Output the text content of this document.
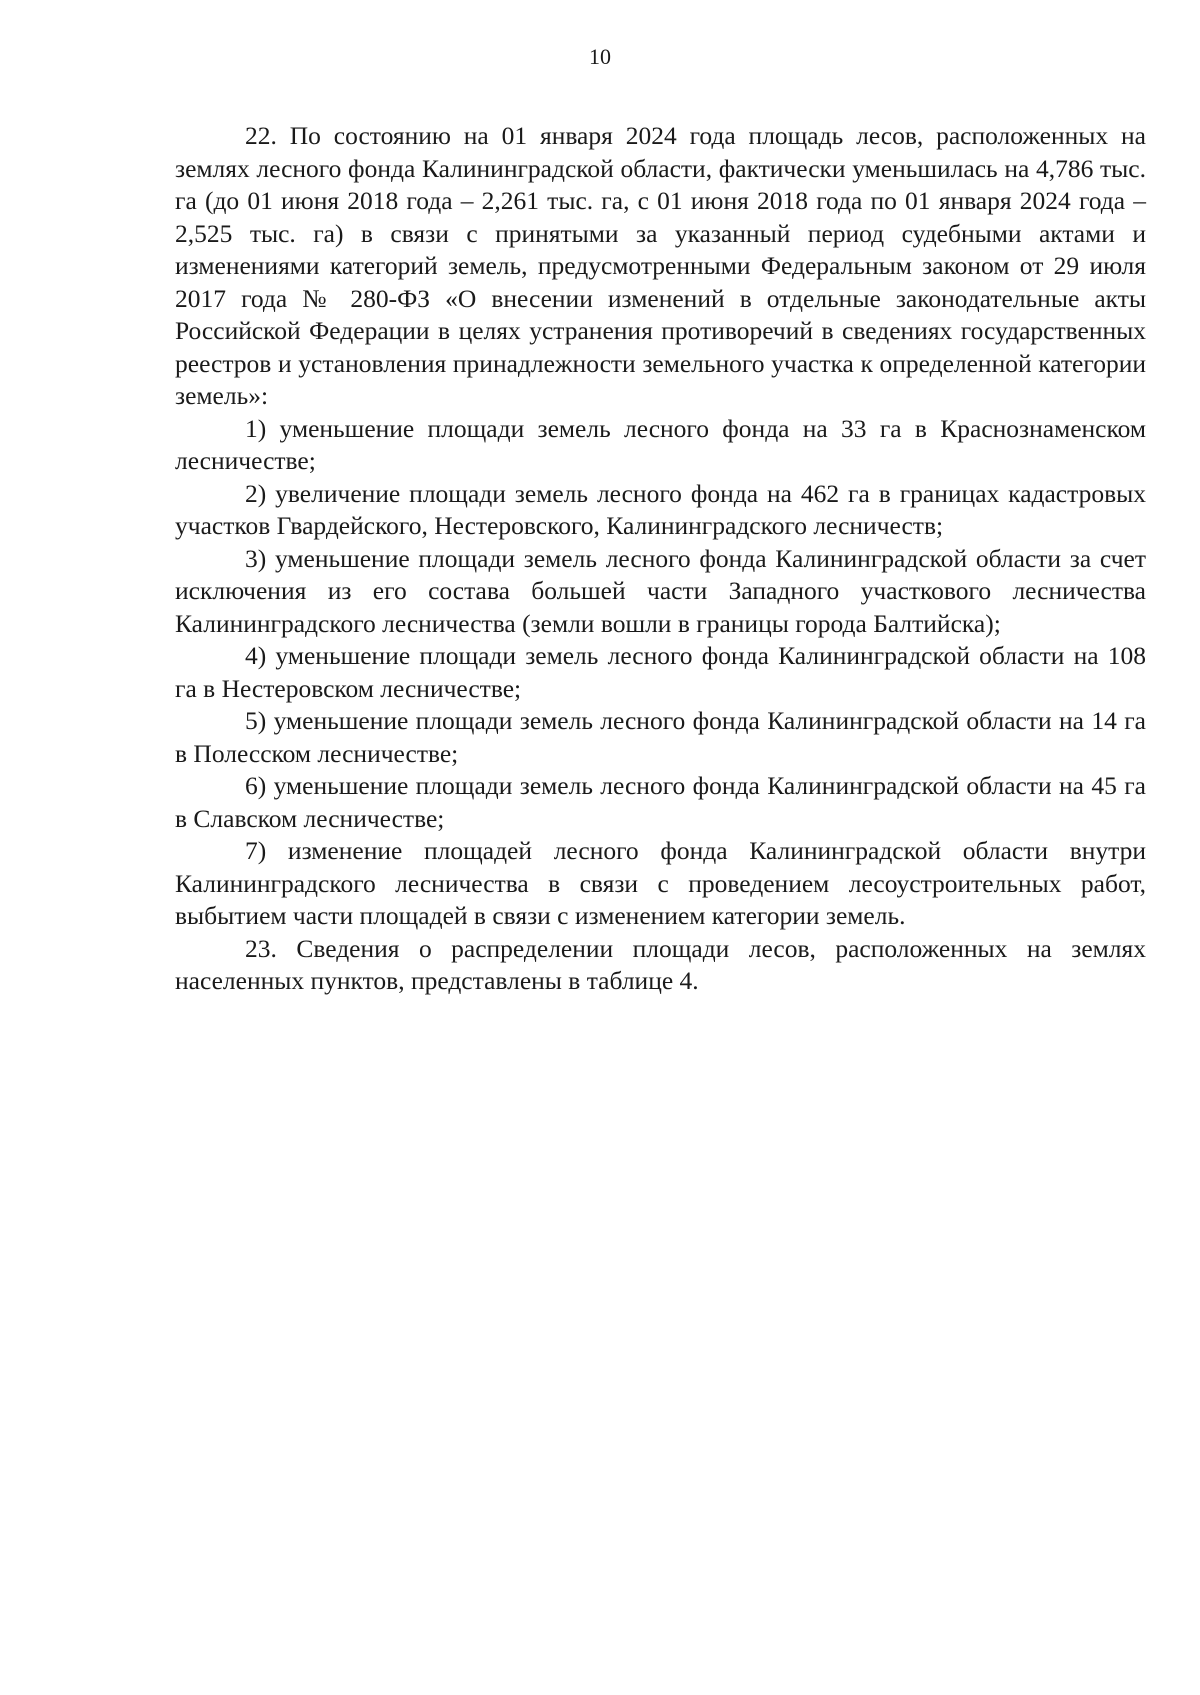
10

22. По состоянию на 01 января 2024 года площадь лесов, расположенных на землях лесного фонда Калининградской области, фактически уменьшилась на 4,786 тыс. га (до 01 июня 2018 года – 2,261 тыс. га, с 01 июня 2018 года по 01 января 2024 года – 2,525 тыс. га) в связи с принятыми за указанный период судебными актами и изменениями категорий земель, предусмотренными Федеральным законом от 29 июля 2017 года № 280-ФЗ «О внесении изменений в отдельные законодательные акты Российской Федерации в целях устранения противоречий в сведениях государственных реестров и установления принадлежности земельного участка к определенной категории земель»:

1) уменьшение площади земель лесного фонда на 33 га в Краснознаменском лесничестве;

2) увеличение площади земель лесного фонда на 462 га в границах кадастровых участков Гвардейского, Нестеровского, Калининградского лесничеств;

3) уменьшение площади земель лесного фонда Калининградской области за счет исключения из его состава большей части Западного участкового лесничества Калининградского лесничества (земли вошли в границы города Балтийска);

4) уменьшение площади земель лесного фонда Калининградской области на 108 га в Нестеровском лесничестве;

5) уменьшение площади земель лесного фонда Калининградской области на 14 га в Полесском лесничестве;

6) уменьшение площади земель лесного фонда Калининградской области на 45 га в Славском лесничестве;

7) изменение площадей лесного фонда Калининградской области внутри Калининградского лесничества в связи с проведением лесоустроительных работ, выбытием части площадей в связи с изменением категории земель.

23. Сведения о распределении площади лесов, расположенных на землях населенных пунктов, представлены в таблице 4.
